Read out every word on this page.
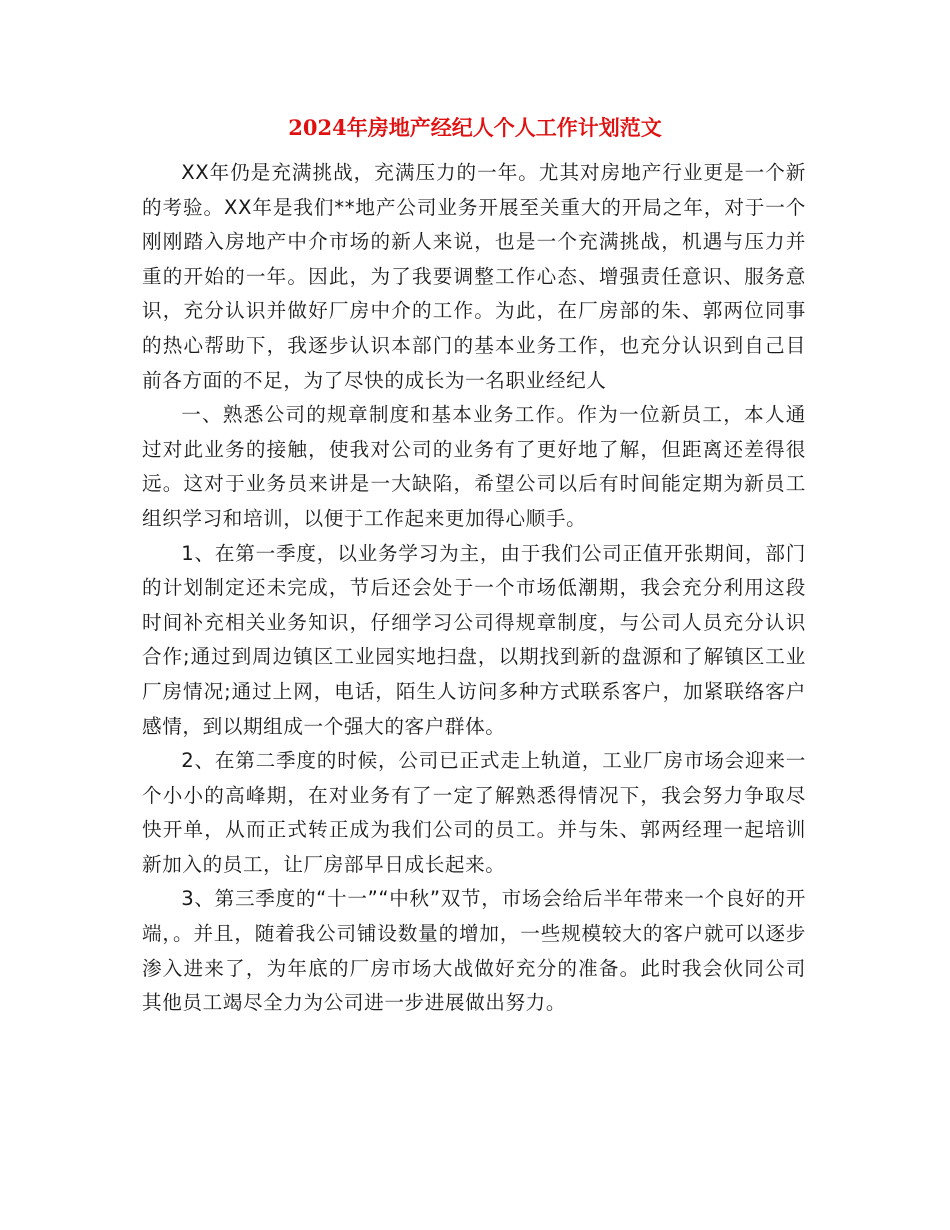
2024年房地产经纪人个人工作计划范文

XX年仍是充满挑战，充满压力的一年。尤其对房地产行业更是一个新的考验。XX年是我们**地产公司业务开展至关重大的开局之年，对于一个刚刚踏入房地产中介市场的新人来说，也是一个充满挑战，机遇与压力并重的开始的一年。因此，为了我要调整工作心态、增强责任意识、服务意识，充分认识并做好厂房中介的工作。为此，在厂房部的朱、郭两位同事的热心帮助下，我逐步认识本部门的基本业务工作，也充分认识到自己目前各方面的不足，为了尽快的成长为一名职业经纪人

一、熟悉公司的规章制度和基本业务工作。作为一位新员工，本人通过对此业务的接触，使我对公司的业务有了更好地了解，但距离还差得很远。这对于业务员来讲是一大缺陷，希望公司以后有时间能定期为新员工组织学习和培训，以便于工作起来更加得心顺手。

1、在第一季度，以业务学习为主，由于我们公司正值开张期间，部门的计划制定还未完成，节后还会处于一个市场低潮期，我会充分利用这段时间补充相关业务知识，仔细学习公司得规章制度，与公司人员充分认识合作;通过到周边镇区工业园实地扫盘，以期找到新的盘源和了解镇区工业厂房情况;通过上网，电话，陌生人访问多种方式联系客户，加紧联络客户感情，到以期组成一个强大的客户群体。

2、在第二季度的时候，公司已正式走上轨道，工业厂房市场会迎来一个小小的高峰期，在对业务有了一定了解熟悉得情况下，我会努力争取尽快开单，从而正式转正成为我们公司的员工。并与朱、郭两经理一起培训新加入的员工，让厂房部早日成长起来。

3、第三季度的“十一”“中秋”双节，市场会给后半年带来一个良好的开端，。并且，随着我公司铺设数量的增加，一些规模较大的客户就可以逐步渗入进来了，为年底的厂房市场大战做好充分的准备。此时我会伙同公司其他员工竭尽全力为公司进一步进展做出努力。
